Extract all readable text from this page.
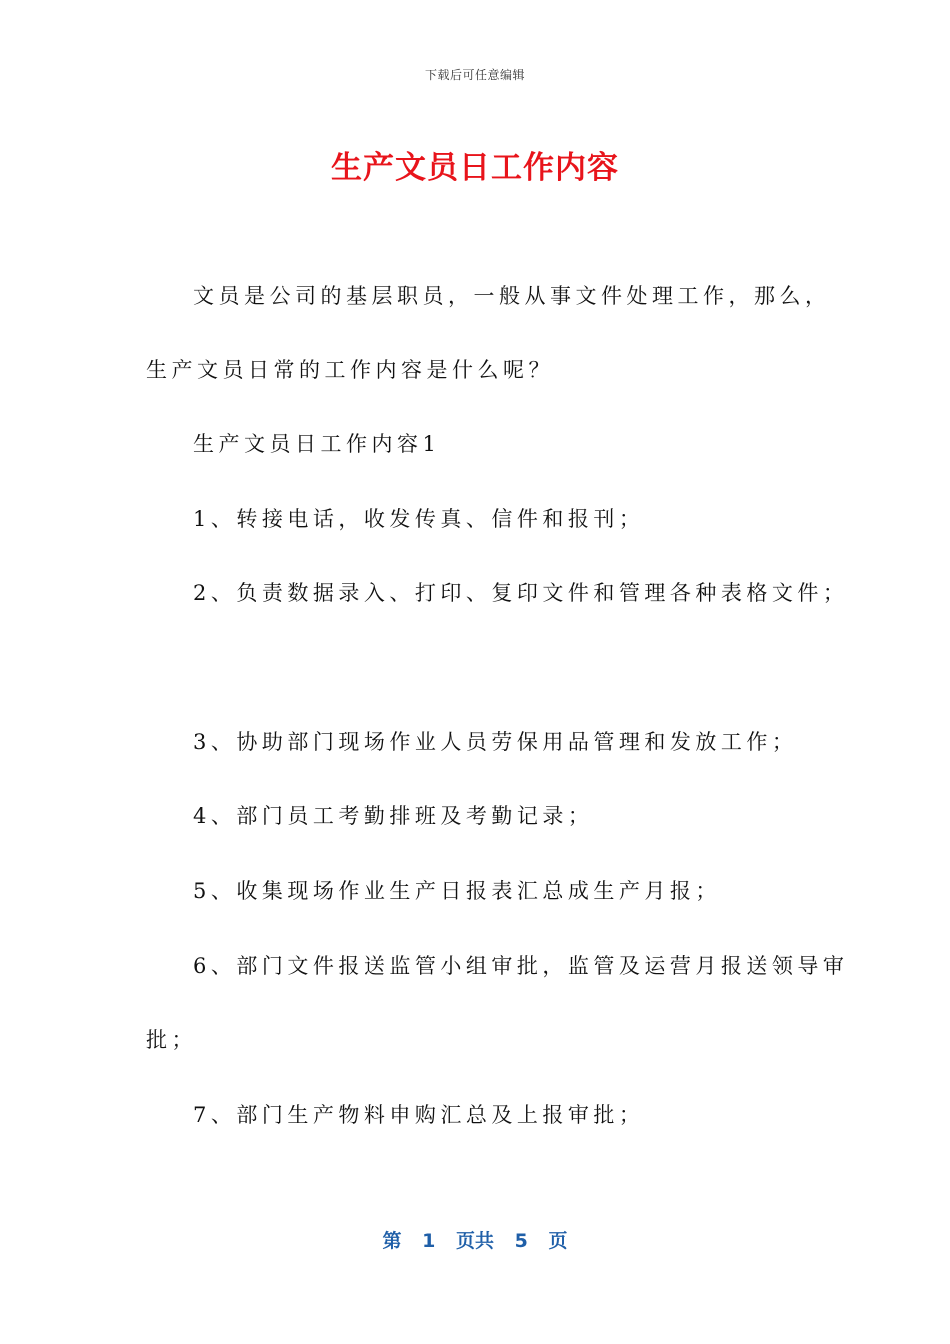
下载后可任意编辑
生产文员日工作内容
文员是公司的基层职员，一般从事文件处理工作，那么，
生产文员日常的工作内容是什么呢？
生产文员日工作内容1
1、转接电话，收发传真、信件和报刊；
2、负责数据录入、打印、复印文件和管理各种表格文件；
3、协助部门现场作业人员劳保用品管理和发放工作；
4、部门员工考勤排班及考勤记录；
5、收集现场作业生产日报表汇总成生产月报；
6、部门文件报送监管小组审批，监管及运营月报送领导审
批；
7、部门生产物料申购汇总及上报审批；
第 1 页共 5 页
